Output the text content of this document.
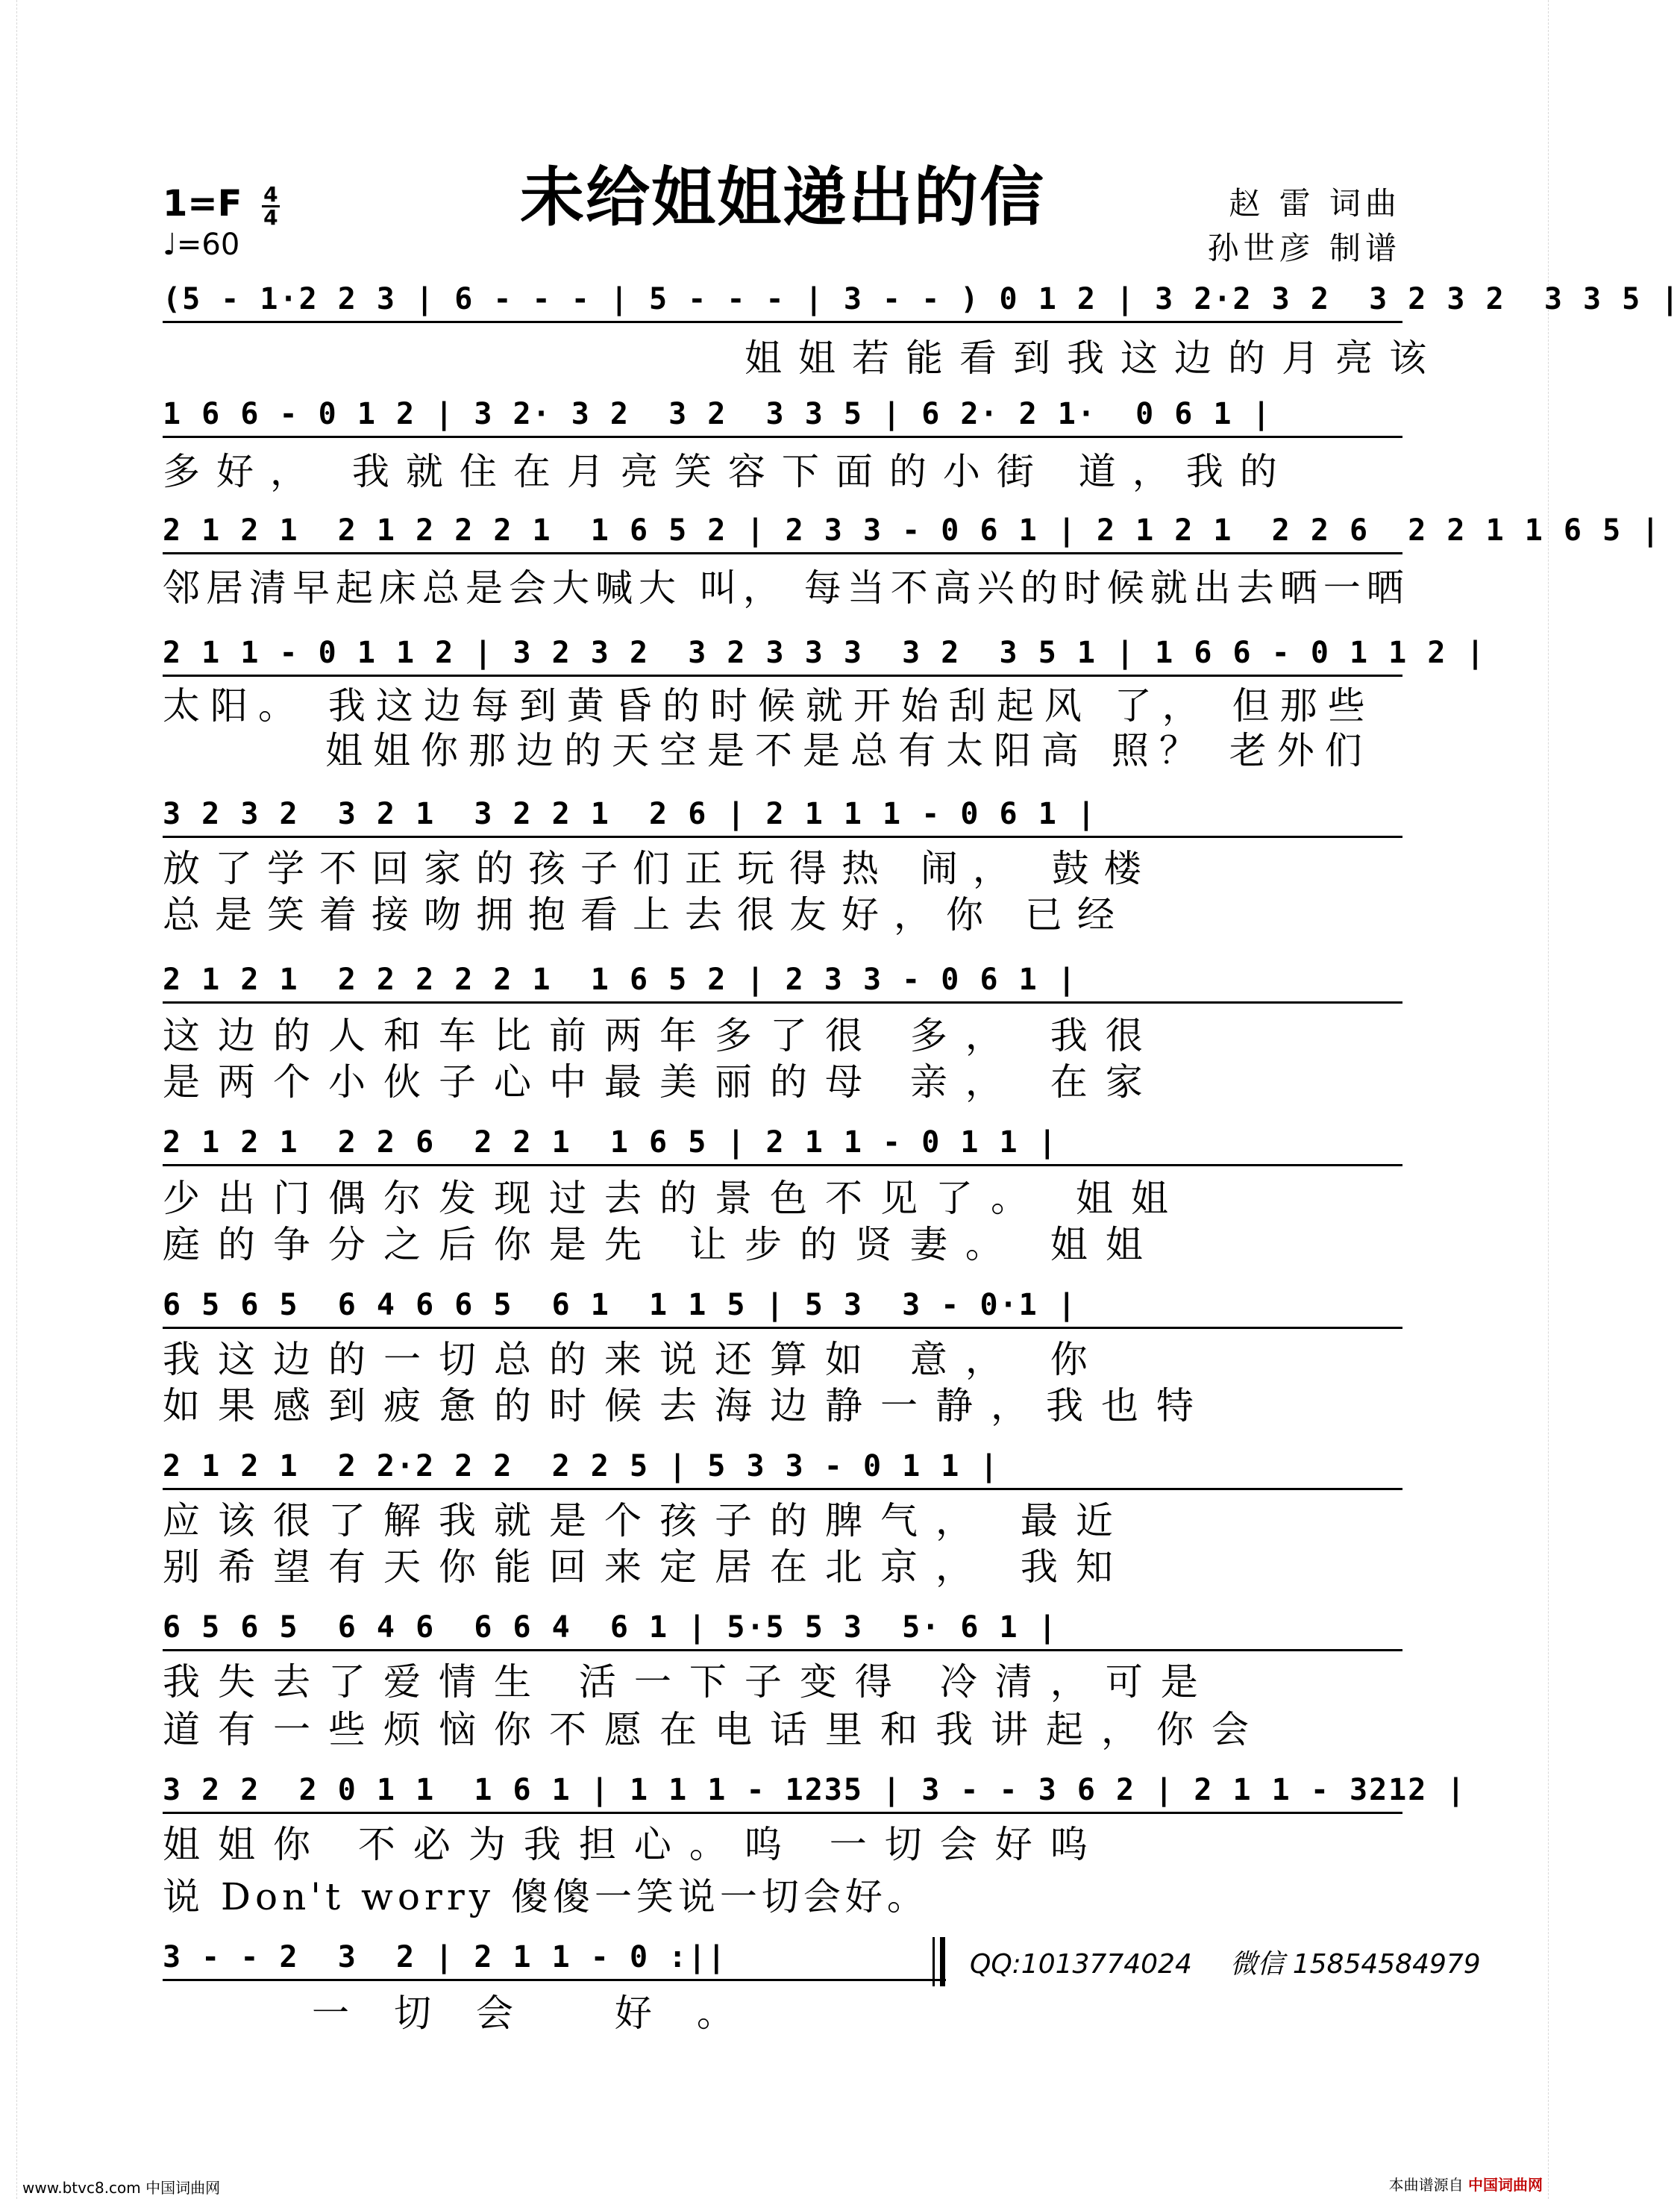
未给姐姐递出的信
$1=F \frac{4}{4}$
♩=60
赵 雷 词曲
孙世彦 制谱
(5 - 1·2 2 3 | 6 - - - | 5 - - - | 3 - - ) 0 1 2 | 3 2·2 3 2  3 2 3 2  3 3 5 |
姐姐若能看到我这边的月亮该
1 6 6 - 0 1 2 | 3 2· 3 2  3 2  3 3 5 | 6 2· 2 1·  0 6 1 |
多好， 我就住在月亮笑容下面的小街 道，我的
2 1 2 1  2 1 2 2 2 1  1 6 5 2 | 2 3 3 - 0 6 1 | 2 1 2 1  2 2 6  2 2 1 1 6 5 |
邻居清早起床总是会大喊大 叫， 每当不高兴的时候就出去晒一晒
2 1 1 - 0 1 1 2 | 3 2 3 2  3 2 3 3 3  3 2  3 5 1 | 1 6 6 - 0 1 1 2 |
太阳。 我这边每到黄昏的时候就开始刮起风 了， 但那些
姐姐你那边的天空是不是总有太阳高 照？ 老外们
3 2 3 2  3 2 1  3 2 2 1  2 6 | 2 1 1 1 - 0 6 1 |
放了学不回家的孩子们正玩得热 闹， 鼓楼
总是笑着接吻拥抱看上去很友好，你 已经
2 1 2 1  2 2 2 2 2 1  1 6 5 2 | 2 3 3 - 0 6 1 |
这边的人和车比前两年多了很 多， 我很
是两个小伙子心中最美丽的母 亲， 在家
2 1 2 1  2 2 6  2 2 1  1 6 5 | 2 1 1 - 0 1 1 |
少出门偶尔发现过去的景色不见了。 姐姐
庭的争分之后你是先 让步的贤妻。 姐姐
6 5 6 5  6 4 6 6 5  6 1  1 1 5 | 5 3  3 - 0·1 |
我这边的一切总的来说还算如 意， 你
如果感到疲惫的时候去海边静一静，我也特
2 1 2 1  2 2·2 2 2  2 2 5 | 5 3 3 - 0 1 1 |
应该很了解我就是个孩子的脾气， 最近
别希望有天你能回来定居在北京， 我知
6 5 6 5  6 4 6  6 6 4  6 1 | 5·5 5 3  5· 6 1 |
我失去了爱情生 活一下子变得 冷清，可是
道有一些烦恼你不愿在电话里和我讲起，你会
3 2 2  2 0 1 1  1 6 1 | 1 1 1 - 1235 | 3 - - 3 6 2 | 2 1 1 - 3212 |
姐姐你 不必为我担心。呜 一切会好呜
说 Don't worry 傻傻一笑说一切会好。
3 - - 2  3  2 | 2 1 1 - 0 :||
一切会 好。
QQ:1013774024 微信 15854584979
www.btvc8.com 中国词曲网	本曲谱源自 中国词曲网
